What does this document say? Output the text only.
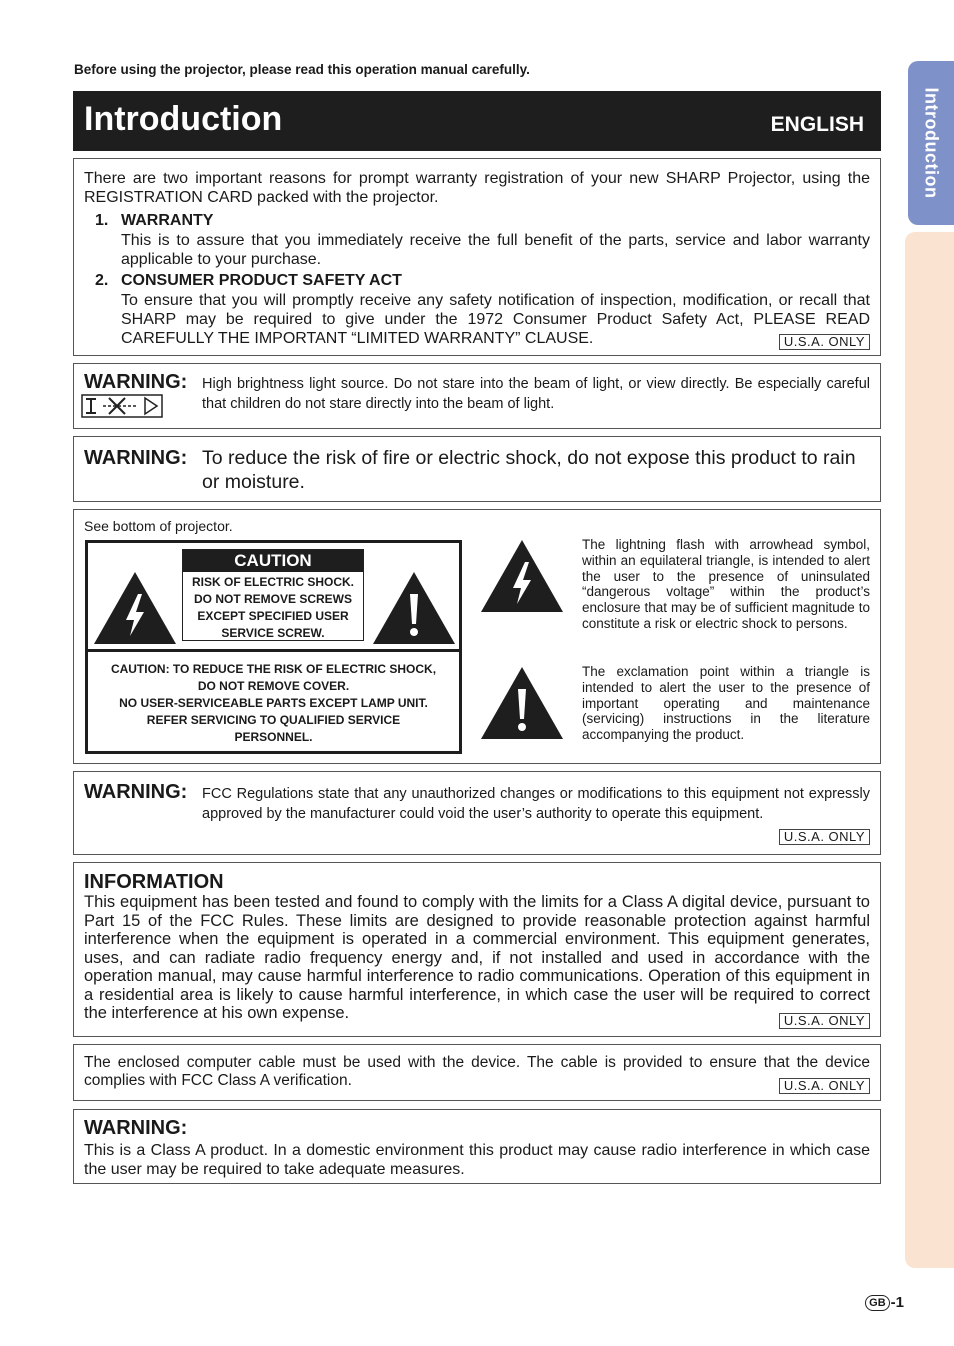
Before using the projector, please read this operation manual carefully.
Introduction	ENGLISH	Introduction
There are two important reasons for prompt warranty registration of your new SHARP Projector, using the REGISTRATION CARD packed with the projector.
1. WARRANTY
This is to assure that you immediately receive the full benefit of the parts, service and labor warranty applicable to your purchase.
2. CONSUMER PRODUCT SAFETY ACT
To ensure that you will promptly receive any safety notification of inspection, modification, or recall that SHARP may be required to give under the 1972 Consumer Product Safety Act, PLEASE READ CAREFULLY THE IMPORTANT “LIMITED WARRANTY” CLAUSE.	U.S.A. ONLY
WARNING: High brightness light source. Do not stare into the beam of light, or view directly. Be especially careful that children do not stare directly into the beam of light.
WARNING: To reduce the risk of fire or electric shock, do not expose this product to rain or moisture.
See bottom of projector.
CAUTION
RISK OF ELECTRIC SHOCK.
DO NOT REMOVE SCREWS
EXCEPT SPECIFIED USER
SERVICE SCREW.
CAUTION: TO REDUCE THE RISK OF ELECTRIC SHOCK,
DO NOT REMOVE COVER.
NO USER-SERVICEABLE PARTS EXCEPT LAMP UNIT.
REFER SERVICING TO QUALIFIED SERVICE
PERSONNEL.
The lightning flash with arrowhead symbol, within an equilateral triangle, is intended to alert the user to the presence of uninsulated “dangerous voltage” within the product’s enclosure that may be of sufficient magnitude to constitute a risk or electric shock to persons.
The exclamation point within a triangle is intended to alert the user to the presence of important operating and maintenance (servicing) instructions in the literature accompanying the product.
WARNING: FCC Regulations state that any unauthorized changes or modifications to this equipment not expressly approved by the manufacturer could void the user’s authority to operate this equipment.
U.S.A. ONLY
INFORMATION
This equipment has been tested and found to comply with the limits for a Class A digital device, pursuant to Part 15 of the FCC Rules. These limits are designed to provide reasonable protection against harmful interference when the equipment is operated in a commercial environment. This equipment generates, uses, and can radiate radio frequency energy and, if not installed and used in accordance with the operation manual, may cause harmful interference to radio communications. Operation of this equipment in a residential area is likely to cause harmful interference, in which case the user will be required to correct the interference at his own expense.	U.S.A. ONLY
The enclosed computer cable must be used with the device. The cable is provided to ensure that the device complies with FCC Class A verification.	U.S.A. ONLY
WARNING:
This is a Class A product. In a domestic environment this product may cause radio interference in which case the user may be required to take adequate measures.
GB -1
